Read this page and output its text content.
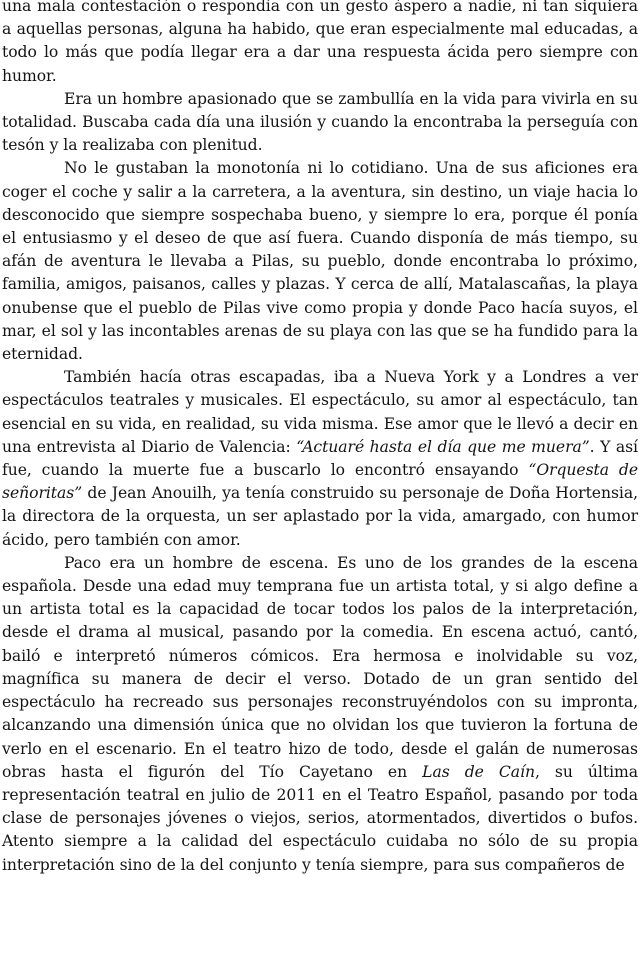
una mala contestación o respondía con un gesto áspero a nadie, ni tan siquiera a aquellas personas, alguna ha habido, que eran especialmente mal educadas, a todo lo más que podía llegar era a dar una respuesta ácida pero siempre con humor.

Era un hombre apasionado que se zambullía en la vida para vivirla en su totalidad. Buscaba cada día una ilusión y cuando la encontraba la perseguía con tesón y la realizaba con plenitud.

No le gustaban la monotonía ni lo cotidiano. Una de sus aficiones era coger el coche y salir a la carretera, a la aventura, sin destino, un viaje hacia lo desconocido que siempre sospechaba bueno, y siempre lo era, porque él ponía el entusiasmo y el deseo de que así fuera. Cuando disponía de más tiempo, su afán de aventura le llevaba a Pilas, su pueblo, donde encontraba lo próximo, familia, amigos, paisanos, calles y plazas. Y cerca de allí, Matalascañas, la playa onubense que el pueblo de Pilas vive como propia y donde Paco hacía suyos, el mar, el sol y las incontables arenas de su playa con las que se ha fundido para la eternidad.

También hacía otras escapadas, iba a Nueva York y a Londres a ver espectáculos teatrales y musicales. El espectáculo, su amor al espectáculo, tan esencial en su vida, en realidad, su vida misma. Ese amor que le llevó a decir en una entrevista al Diario de Valencia: “Actuaré hasta el día que me muera”. Y así fue, cuando la muerte fue a buscarlo lo encontró ensayando “Orquesta de señoritas” de Jean Anouilh, ya tenía construido su personaje de Doña Hortensia, la directora de la orquesta, un ser aplastado por la vida, amargado, con humor ácido, pero también con amor.

Paco era un hombre de escena. Es uno de los grandes de la escena española. Desde una edad muy temprana fue un artista total, y si algo define a un artista total es la capacidad de tocar todos los palos de la interpretación, desde el drama al musical, pasando por la comedia. En escena actuó, cantó, bailó e interpretó números cómicos. Era hermosa e inolvidable su voz, magnífica su manera de decir el verso. Dotado de un gran sentido del espectáculo ha recreado sus personajes reconstruyéndolos con su impronta, alcanzando una dimensión única que no olvidan los que tuvieron la fortuna de verlo en el escenario. En el teatro hizo de todo, desde el galán de numerosas obras hasta el figurón del Tío Cayetano en Las de Caín, su última representación teatral en julio de 2011 en el Teatro Español, pasando por toda clase de personajes jóvenes o viejos, serios, atormentados, divertidos o bufos. Atento siempre a la calidad del espectáculo cuidaba no sólo de su propia interpretación sino de la del conjunto y tenía siempre, para sus compañeros de
